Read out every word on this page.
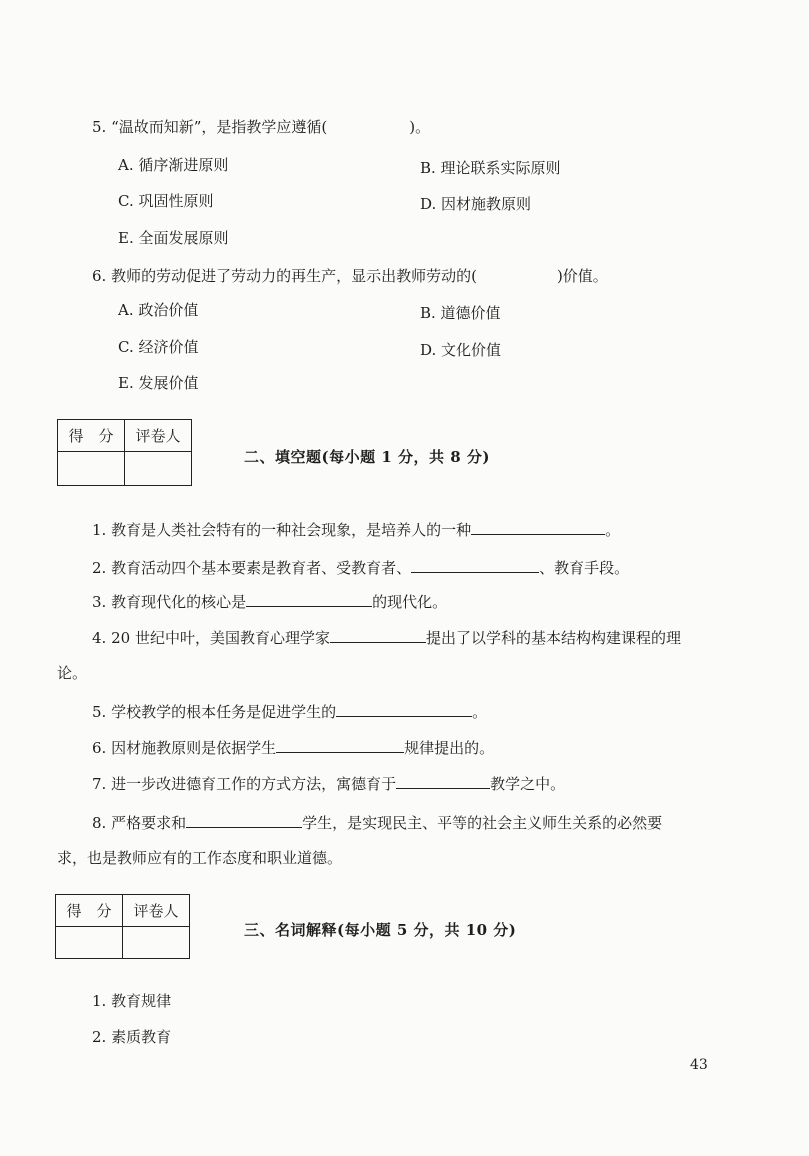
5. “温故而知新”，是指教学应遵循(	)。
A. 循序渐进原则	B. 理论联系实际原则
C. 巩固性原则	D. 因材施教原则
E. 全面发展原则
6. 教师的劳动促进了劳动力的再生产，显示出教师劳动的(	)价值。
A. 政治价值	B. 道德价值
C. 经济价值	D. 文化价值
E. 发展价值
得　分	评卷人

二、填空题(每小题 1 分，共 8 分)
1. 教育是人类社会特有的一种社会现象，是培养人的一种	。
2. 教育活动四个基本要素是教育者、受教育者、	、教育手段。
3. 教育现代化的核心是	的现代化。
4. 20 世纪中叶，美国教育心理学家	提出了以学科的基本结构构建课程的理
论。
5. 学校教学的根本任务是促进学生的	。
6. 因材施教原则是依据学生	规律提出的。
7. 进一步改进德育工作的方式方法，寓德育于	教学之中。
8. 严格要求和	学生，是实现民主、平等的社会主义师生关系的必然要
求，也是教师应有的工作态度和职业道德。
得　分	评卷人

三、名词解释(每小题 5 分，共 10 分)
1. 教育规律
2. 素质教育
43
